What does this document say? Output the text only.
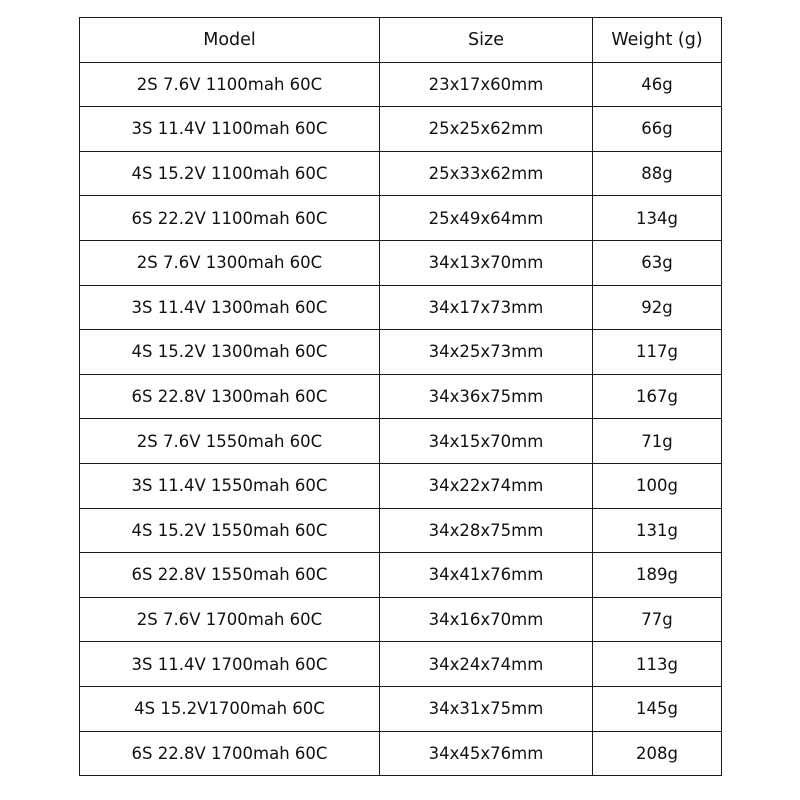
Model	Size	Weight (g)
2S 7.6V 1100mah 60C	23x17x60mm	46g
3S 11.4V 1100mah 60C	25x25x62mm	66g
4S 15.2V 1100mah 60C	25x33x62mm	88g
6S 22.2V 1100mah 60C	25x49x64mm	134g
2S 7.6V 1300mah 60C	34x13x70mm	63g
3S 11.4V 1300mah 60C	34x17x73mm	92g
4S 15.2V 1300mah 60C	34x25x73mm	117g
6S 22.8V 1300mah 60C	34x36x75mm	167g
2S 7.6V 1550mah 60C	34x15x70mm	71g
3S 11.4V 1550mah 60C	34x22x74mm	100g
4S 15.2V 1550mah 60C	34x28x75mm	131g
6S 22.8V 1550mah 60C	34x41x76mm	189g
2S 7.6V 1700mah 60C	34x16x70mm	77g
3S 11.4V 1700mah 60C	34x24x74mm	113g
4S 15.2V1700mah 60C	34x31x75mm	145g
6S 22.8V 1700mah 60C	34x45x76mm	208g
